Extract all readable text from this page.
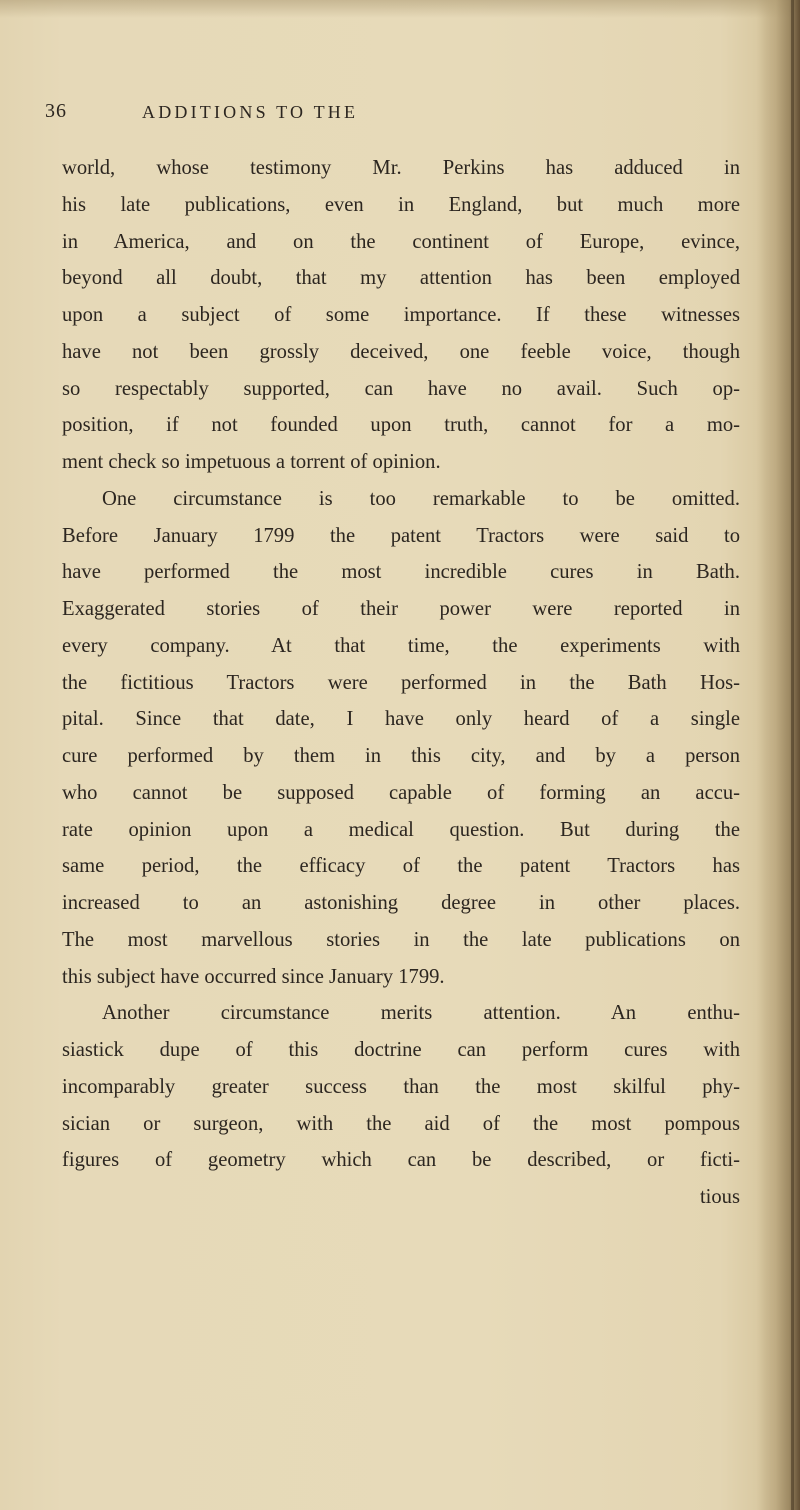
36	ADDITIONS TO THE
world, whose testimony Mr. Perkins has adduced in
his late publications, even in England, but much more
in America, and on the continent of Europe, evince,
beyond all doubt, that my attention has been employed
upon a subject of some importance. If these witnesses
have not been grossly deceived, one feeble voice, though
so respectably supported, can have no avail. Such op-
position, if not founded upon truth, cannot for a mo-
ment check so impetuous a torrent of opinion.
One circumstance is too remarkable to be omitted.
Before January 1799 the patent Tractors were said to
have performed the most incredible cures in Bath.
Exaggerated stories of their power were reported in
every company. At that time, the experiments with
the fictitious Tractors were performed in the Bath Hos-
pital. Since that date, I have only heard of a single
cure performed by them in this city, and by a person
who cannot be supposed capable of forming an accu-
rate opinion upon a medical question. But during the
same period, the efficacy of the patent Tractors has
increased to an astonishing degree in other places.
The most marvellous stories in the late publications on
this subject have occurred since January 1799.
Another circumstance merits attention. An enthu-
siastick dupe of this doctrine can perform cures with
incomparably greater success than the most skilful phy-
sician or surgeon, with the aid of the most pompous
figures of geometry which can be described, or ficti-
tious
